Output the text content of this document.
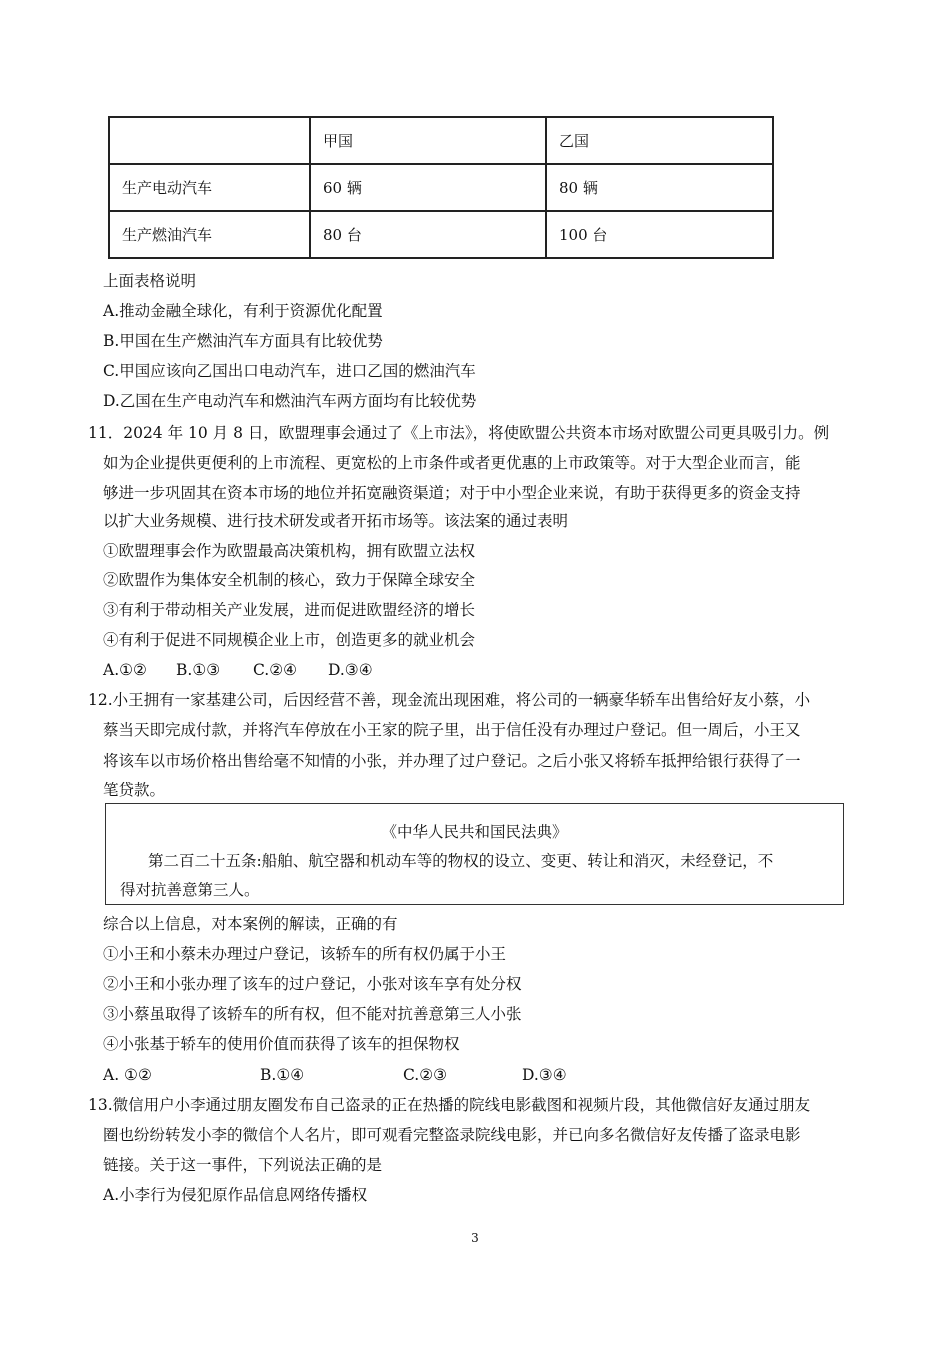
	甲国	乙国
生产电动汽车	60 辆	80 辆
生产燃油汽车	80 台	100 台
上面表格说明
A.推动金融全球化，有利于资源优化配置
B.甲国在生产燃油汽车方面具有比较优势
C.甲国应该向乙国出口电动汽车，进口乙国的燃油汽车
D.乙国在生产电动汽车和燃油汽车两方面均有比较优势
11．2024 年 10 月 8 日，欧盟理事会通过了《上市法》，将使欧盟公共资本市场对欧盟公司更具吸引力。例
如为企业提供更便利的上市流程、更宽松的上市条件或者更优惠的上市政策等。对于大型企业而言，能
够进一步巩固其在资本市场的地位并拓宽融资渠道；对于中小型企业来说，有助于获得更多的资金支持
以扩大业务规模、进行技术研发或者开拓市场等。该法案的通过表明
①欧盟理事会作为欧盟最高决策机构，拥有欧盟立法权
②欧盟作为集体安全机制的核心，致力于保障全球安全
③有利于带动相关产业发展，进而促进欧盟经济的增长
④有利于促进不同规模企业上市，创造更多的就业机会
A.①② B.①③ C.②④ D.③④
12.小王拥有一家基建公司，后因经营不善，现金流出现困难，将公司的一辆豪华轿车出售给好友小蔡，小
蔡当天即完成付款，并将汽车停放在小王家的院子里，出于信任没有办理过户登记。但一周后，小王又
将该车以市场价格出售给毫不知情的小张，并办理了过户登记。之后小张又将轿车抵押给银行获得了一
笔贷款。
《中华人民共和国民法典》
第二百二十五条:船舶、航空器和机动车等的物权的设立、变更、转让和消灭，未经登记，不
得对抗善意第三人。
综合以上信息，对本案例的解读，正确的有
①小王和小蔡未办理过户登记，该轿车的所有权仍属于小王
②小王和小张办理了该车的过户登记，小张对该车享有处分权
③小蔡虽取得了该轿车的所有权，但不能对抗善意第三人小张
④小张基于轿车的使用价值而获得了该车的担保物权
A. ①②	B.①④	C.②③	D.③④
13.微信用户小李通过朋友圈发布自己盗录的正在热播的院线电影截图和视频片段，其他微信好友通过朋友
圈也纷纷转发小李的微信个人名片，即可观看完整盗录院线电影，并已向多名微信好友传播了盗录电影
链接。关于这一事件，下列说法正确的是
A.小李行为侵犯原作品信息网络传播权
3
